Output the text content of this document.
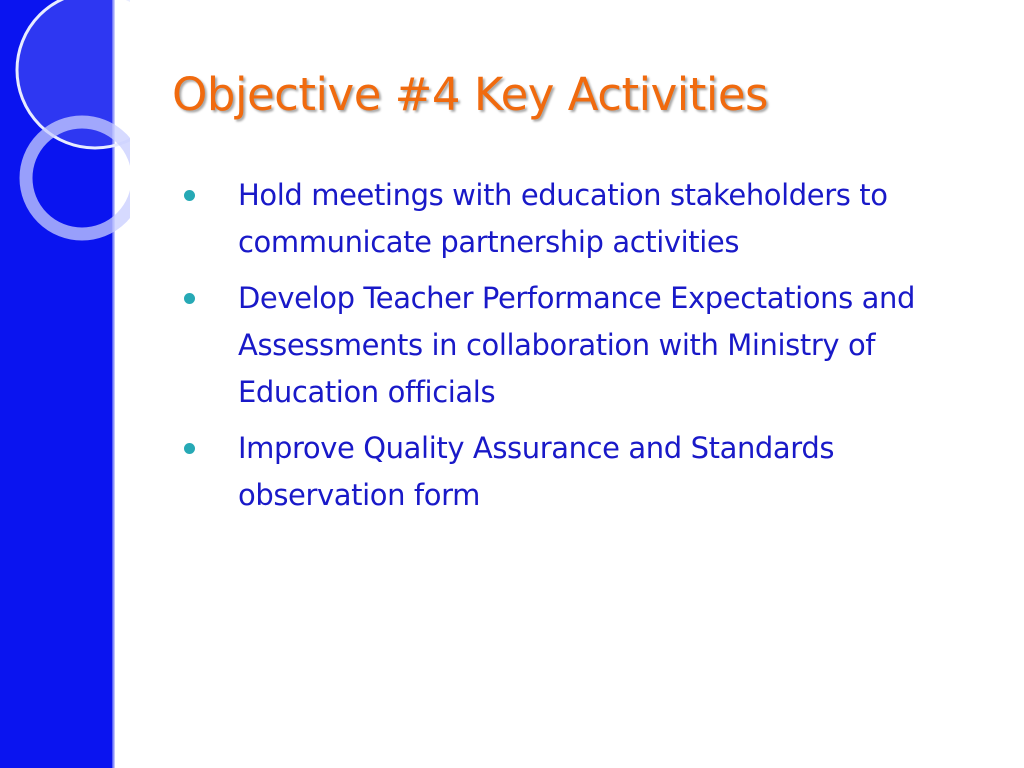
Objective #4 Key Activities
Hold meetings with education stakeholders to communicate partnership activities
Develop Teacher Performance Expectations and Assessments in collaboration with Ministry of Education officials
Improve Quality Assurance and Standards observation form
